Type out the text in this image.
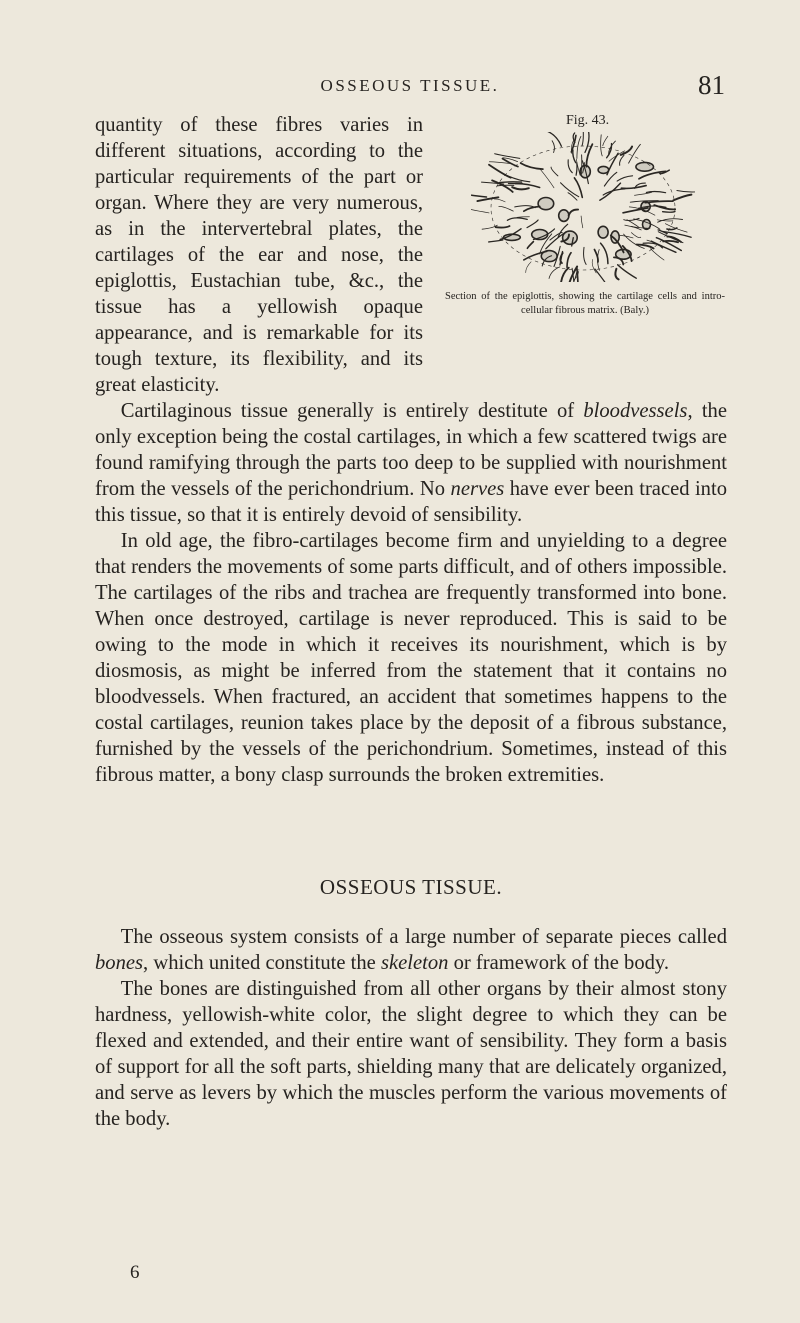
OSSEOUS TISSUE.	81
Fig. 43.
Section of the epiglottis, showing the cartilage cells and intro-cellular fibrous matrix. (Baly.)

quantity of these fibres varies in different situations, according to the particular requirements of the part or organ. Where they are very numerous, as in the intervertebral plates, the cartilages of the ear and nose, the epiglottis, Eustachian tube, &c., the tissue has a yellowish opaque appearance, and is remarkable for its tough texture, its flexibility, and its great elasticity.

Cartilaginous tissue generally is entirely destitute of bloodvessels, the only exception being the costal cartilages, in which a few scattered twigs are found ramifying through the parts too deep to be supplied with nourishment from the vessels of the perichondrium. No nerves have ever been traced into this tissue, so that it is entirely devoid of sensibility.

In old age, the fibro-cartilages become firm and unyielding to a degree that renders the movements of some parts difficult, and of others impossible. The cartilages of the ribs and trachea are frequently transformed into bone. When once destroyed, cartilage is never reproduced. This is said to be owing to the mode in which it receives its nourishment, which is by diosmosis, as might be inferred from the statement that it contains no bloodvessels. When fractured, an accident that sometimes happens to the costal cartilages, reunion takes place by the deposit of a fibrous substance, furnished by the vessels of the perichondrium. Sometimes, instead of this fibrous matter, a bony clasp surrounds the broken extremities.

OSSEOUS TISSUE.

The osseous system consists of a large number of separate pieces called bones, which united constitute the skeleton or framework of the body.

The bones are distinguished from all other organs by their almost stony hardness, yellowish-white color, the slight degree to which they can be flexed and extended, and their entire want of sensibility. They form a basis of support for all the soft parts, shielding many that are delicately organized, and serve as levers by which the muscles perform the various movements of the body.

6
